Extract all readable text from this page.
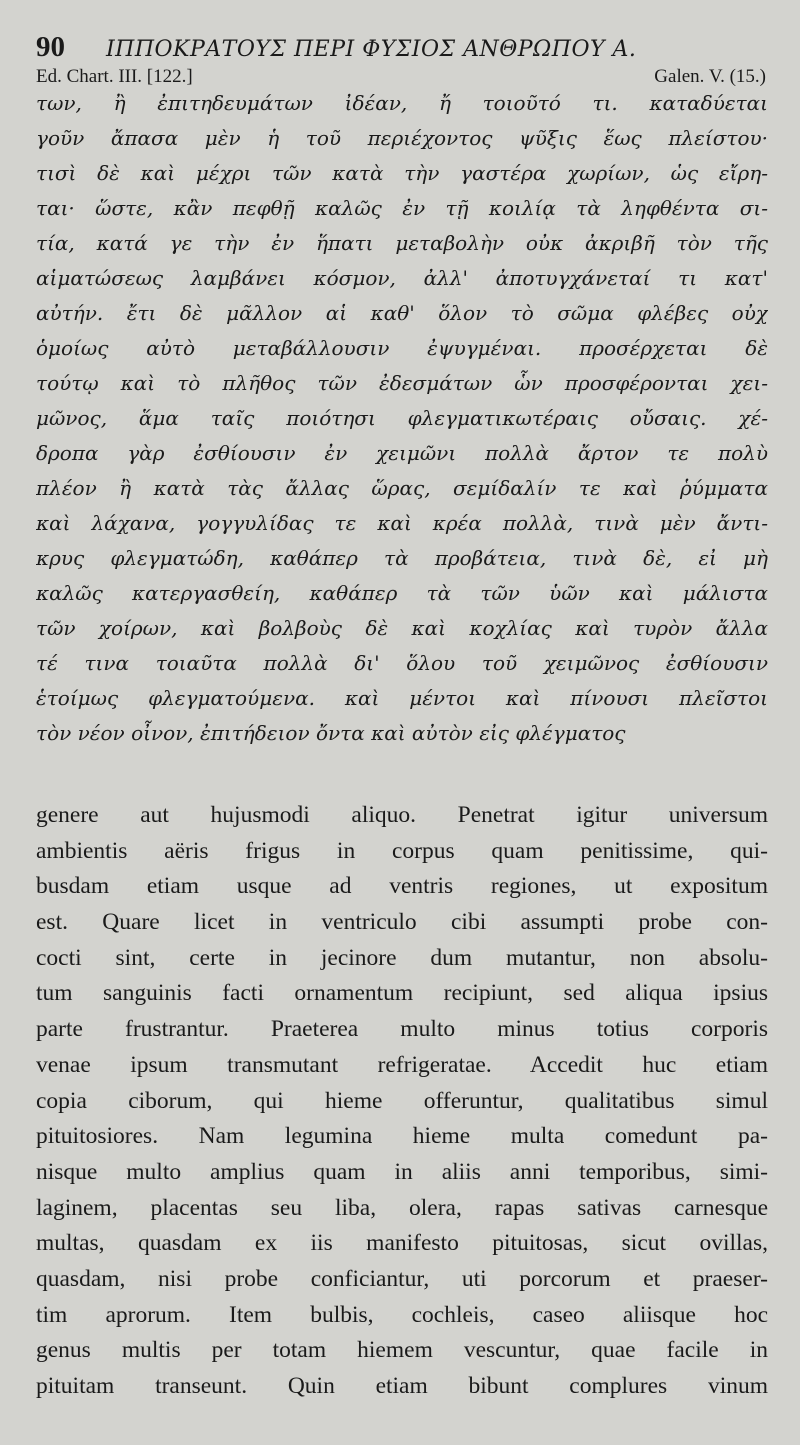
90 ΙΠΠΟΚΡΑΤΟΥΣ ΠΕΡΙ ΦΥΣΙΟΣ ΑΝΘΡΩΠΟΥ Α.
Ed. Chart. III. [122.]	Galen. V. (15.)
των, ἢ ἐπιτηδευμάτων ἰδέαν, ἤ τοιοῦτό τι. καταδύεται
γοῦν ἄπασα μὲν ἡ τοῦ περιέχοντος ψῦξις ἕως πλείστου·
τισὶ δὲ καὶ μέχρι τῶν κατὰ τὴν γαστέρα χωρίων, ὡς εἴρη-
ται· ὥστε, κἂν πεφθῇ καλῶς ἐν τῇ κοιλίᾳ τὰ ληφθέντα σι-
τία, κατά γε τὴν ἐν ἥπατι μεταβολὴν οὐκ ἀκριβῆ τὸν τῆς
αἱματώσεως λαμβάνει κόσμον, ἀλλ' ἀποτυγχάνεταί τι κατ'
αὐτήν. ἔτι δὲ μᾶλλον αἱ καθ' ὅλον τὸ σῶμα φλέβες οὐχ
ὁμοίως αὐτὸ μεταβάλλουσιν ἐψυγμέναι. προσέρχεται δὲ
τούτῳ καὶ τὸ πλῆθος τῶν ἐδεσμάτων ὧν προσφέρονται χει-
μῶνος, ἅμα ταῖς ποιότησι φλεγματικωτέραις οὔσαις. χέ-
δροπα γὰρ ἐσθίουσιν ἐν χειμῶνι πολλὰ ἄρτον τε πολὺ
πλέον ἢ κατὰ τὰς ἄλλας ὥρας, σεμίδαλίν τε καὶ ῥύμματα
καὶ λάχανα, γογγυλίδας τε καὶ κρέα πολλὰ, τινὰ μὲν ἄντι-
κρυς φλεγματώδη, καθάπερ τὰ προβάτεια, τινὰ δὲ, εἰ μὴ
καλῶς κατεργασθείη, καθάπερ τὰ τῶν ὑῶν καὶ μάλιστα
τῶν χοίρων, καὶ βολβοὺς δὲ καὶ κοχλίας καὶ τυρὸν ἄλλα
τέ τινα τοιαῦτα πολλὰ δι' ὅλου τοῦ χειμῶνος ἐσθίουσιν
ἑτοίμως φλεγματούμενα. καὶ μέντοι καὶ πίνουσι πλεῖστοι
τὸν νέον οἶνον, ἐπιτήδειον ὄντα καὶ αὐτὸν εἰς φλέγματος
genere aut hujusmodi aliquo. Penetrat igitur universum
ambientis aëris frigus in corpus quam penitissime, qui-
busdam etiam usque ad ventris regiones, ut expositum
est. Quare licet in ventriculo cibi assumpti probe con-
cocti sint, certe in jecinore dum mutantur, non absolu-
tum sanguinis facti ornamentum recipiunt, sed aliqua ipsius
parte frustrantur. Praeterea multo minus totius corporis
venae ipsum transmutant refrigeratae. Accedit huc etiam
copia ciborum, qui hieme offeruntur, qualitatibus simul
pituitosiores. Nam legumina hieme multa comedunt pa-
nisque multo amplius quam in aliis anni temporibus, simi-
laginem, placentas seu liba, olera, rapas sativas carnesque
multas, quasdam ex iis manifesto pituitosas, sicut ovillas,
quasdam, nisi probe conficiantur, uti porcorum et praeser-
tim aprorum. Item bulbis, cochleis, caseo aliisque hoc
genus multis per totam hiemem vescuntur, quae facile in
pituitam transeunt. Quin etiam bibunt complures vinum
